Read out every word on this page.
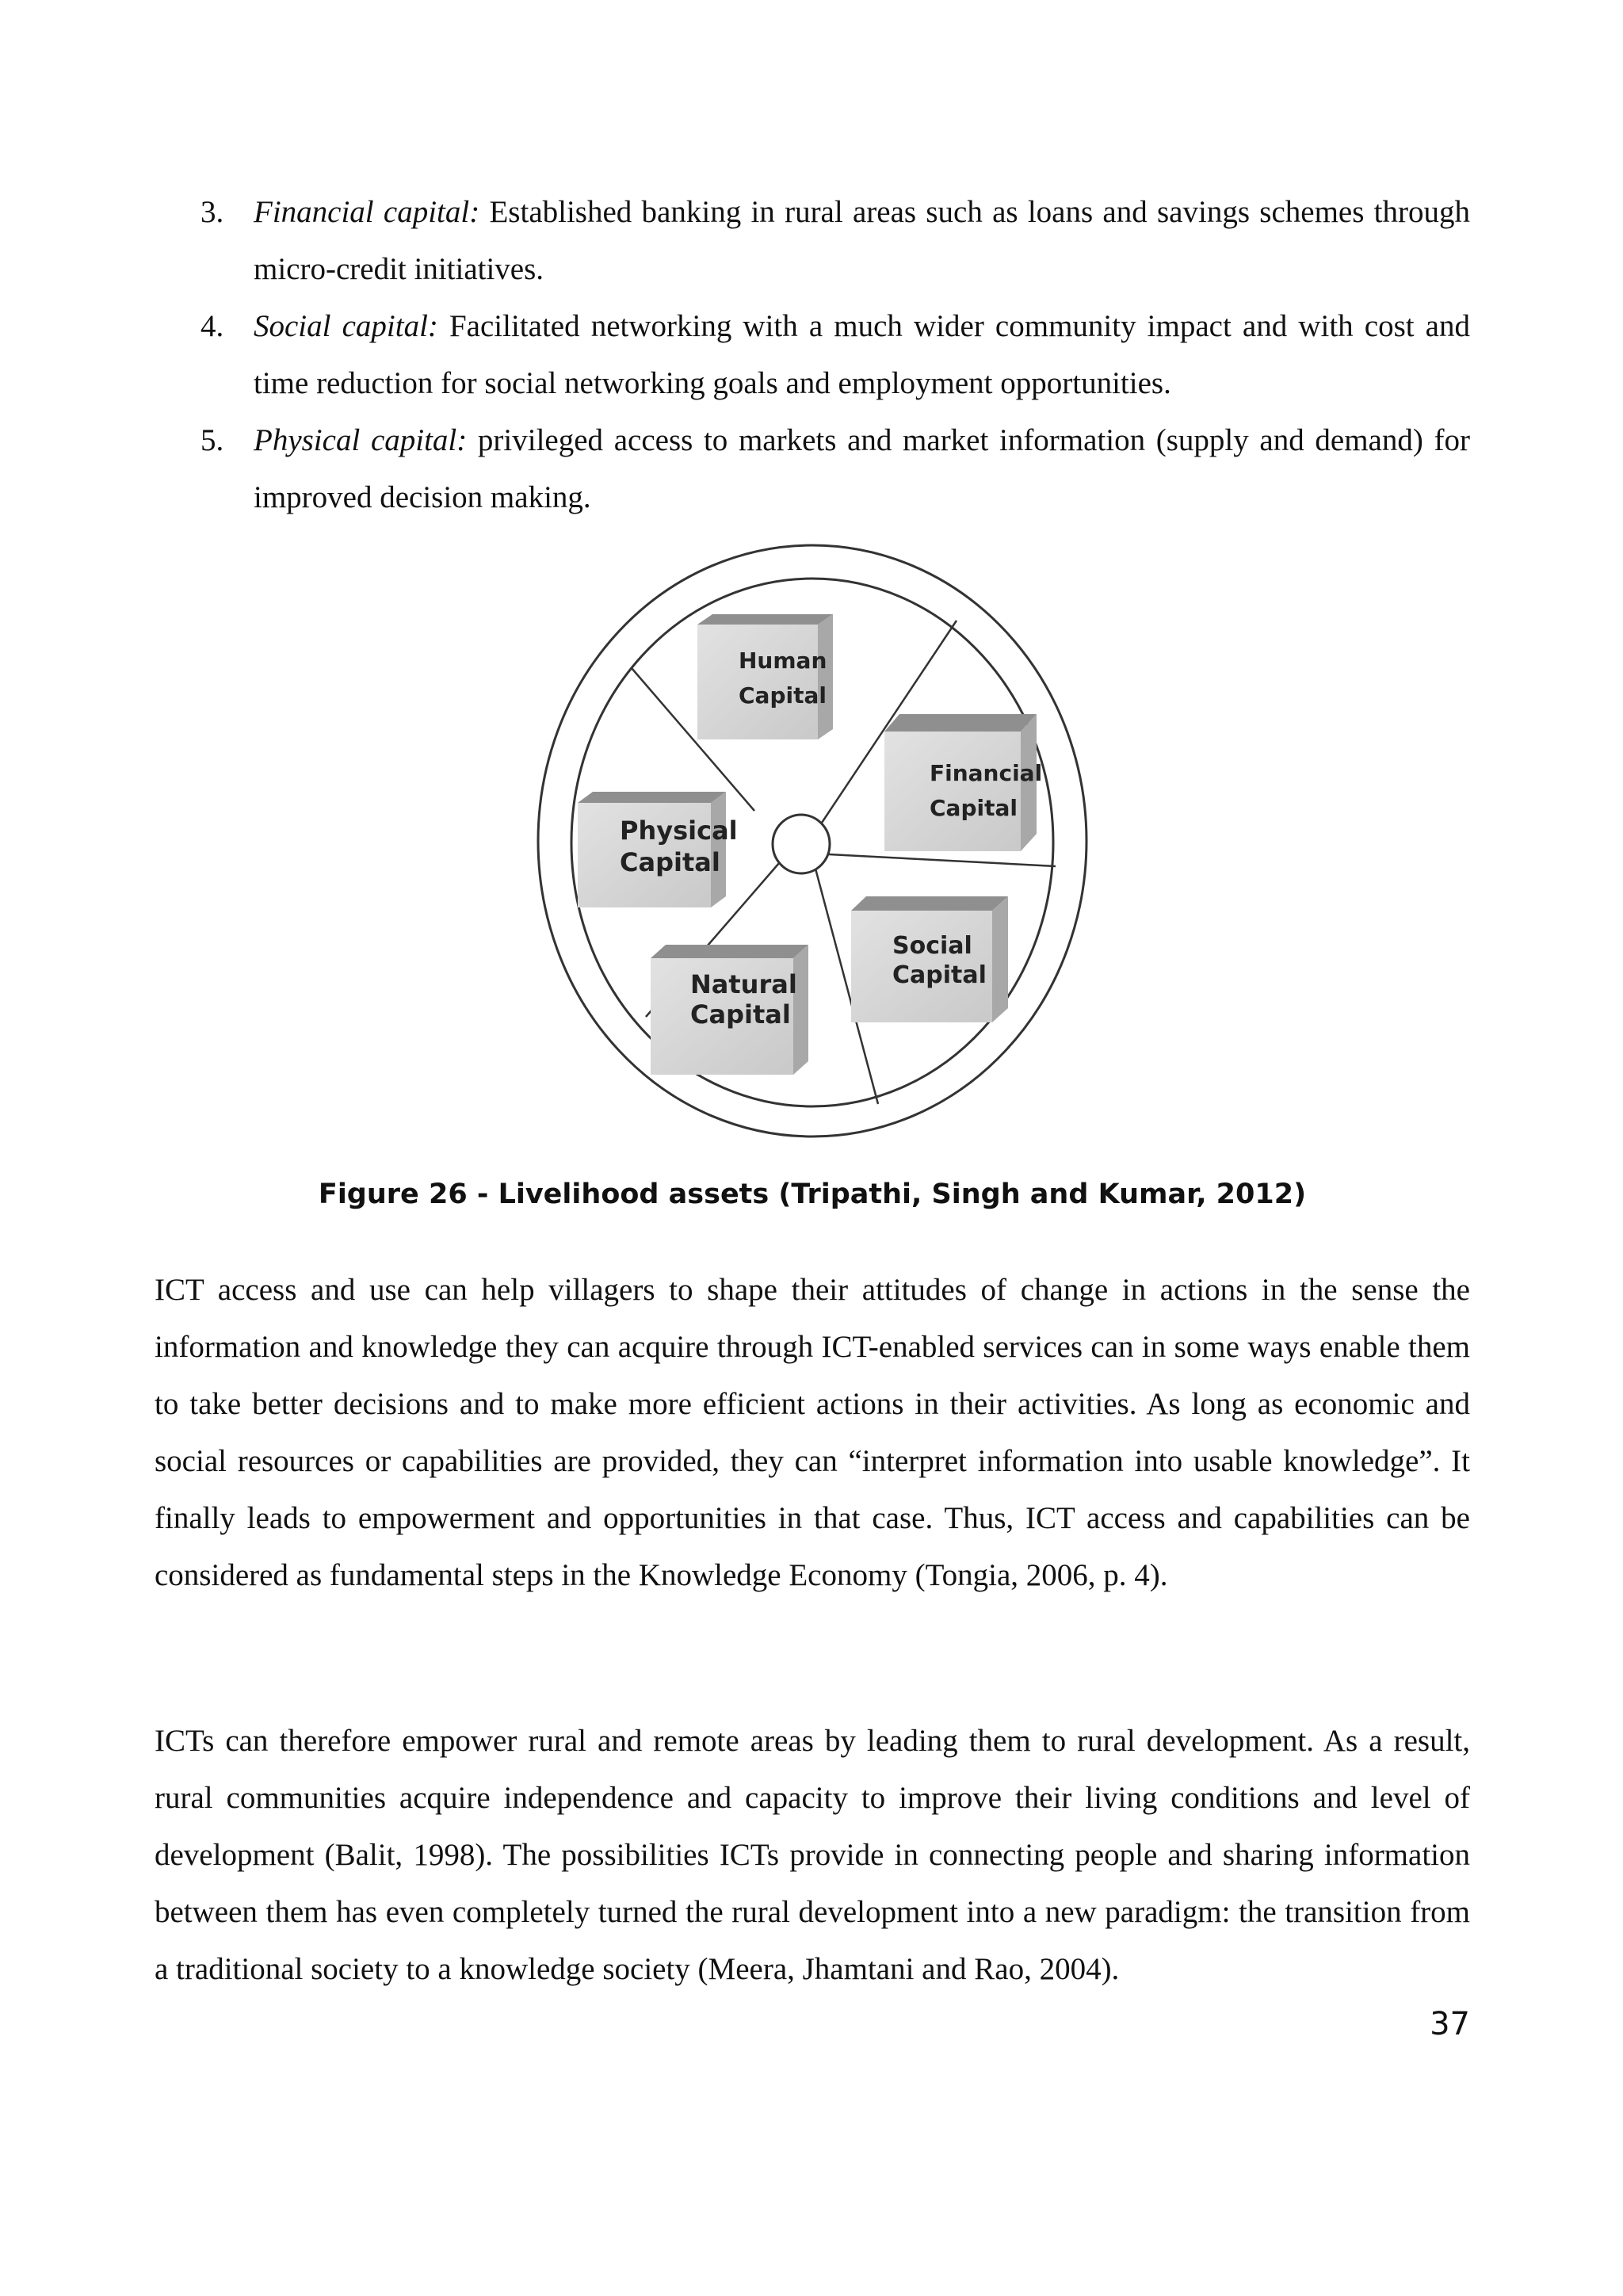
3. Financial capital: Established banking in rural areas such as loans and savings schemes through micro-credit initiatives.
4. Social capital: Facilitated networking with a much wider community impact and with cost and time reduction for social networking goals and employment opportunities.
5. Physical capital: privileged access to markets and market information (supply and demand) for improved decision making.
Human
Capital
Financial
Capital
Physical
Capital
Natural
Capital
Social
Capital
Figure 26 - Livelihood assets (Tripathi, Singh and Kumar, 2012)

ICT access and use can help villagers to shape their attitudes of change in actions in the sense the information and knowledge they can acquire through ICT-enabled services can in some ways enable them to take better decisions and to make more efficient actions in their activities. As long as economic and social resources or capabilities are provided, they can “interpret information into usable knowledge”. It finally leads to empowerment and opportunities in that case. Thus, ICT access and capabilities can be considered as fundamental steps in the Knowledge Economy (Tongia, 2006, p. 4).

ICTs can therefore empower rural and remote areas by leading them to rural development. As a result, rural communities acquire independence and capacity to improve their living conditions and level of development (Balit, 1998). The possibilities ICTs provide in connecting people and sharing information between them has even completely turned the rural development into a new paradigm: the transition from a traditional society to a knowledge society (Meera, Jhamtani and Rao, 2004).

37
